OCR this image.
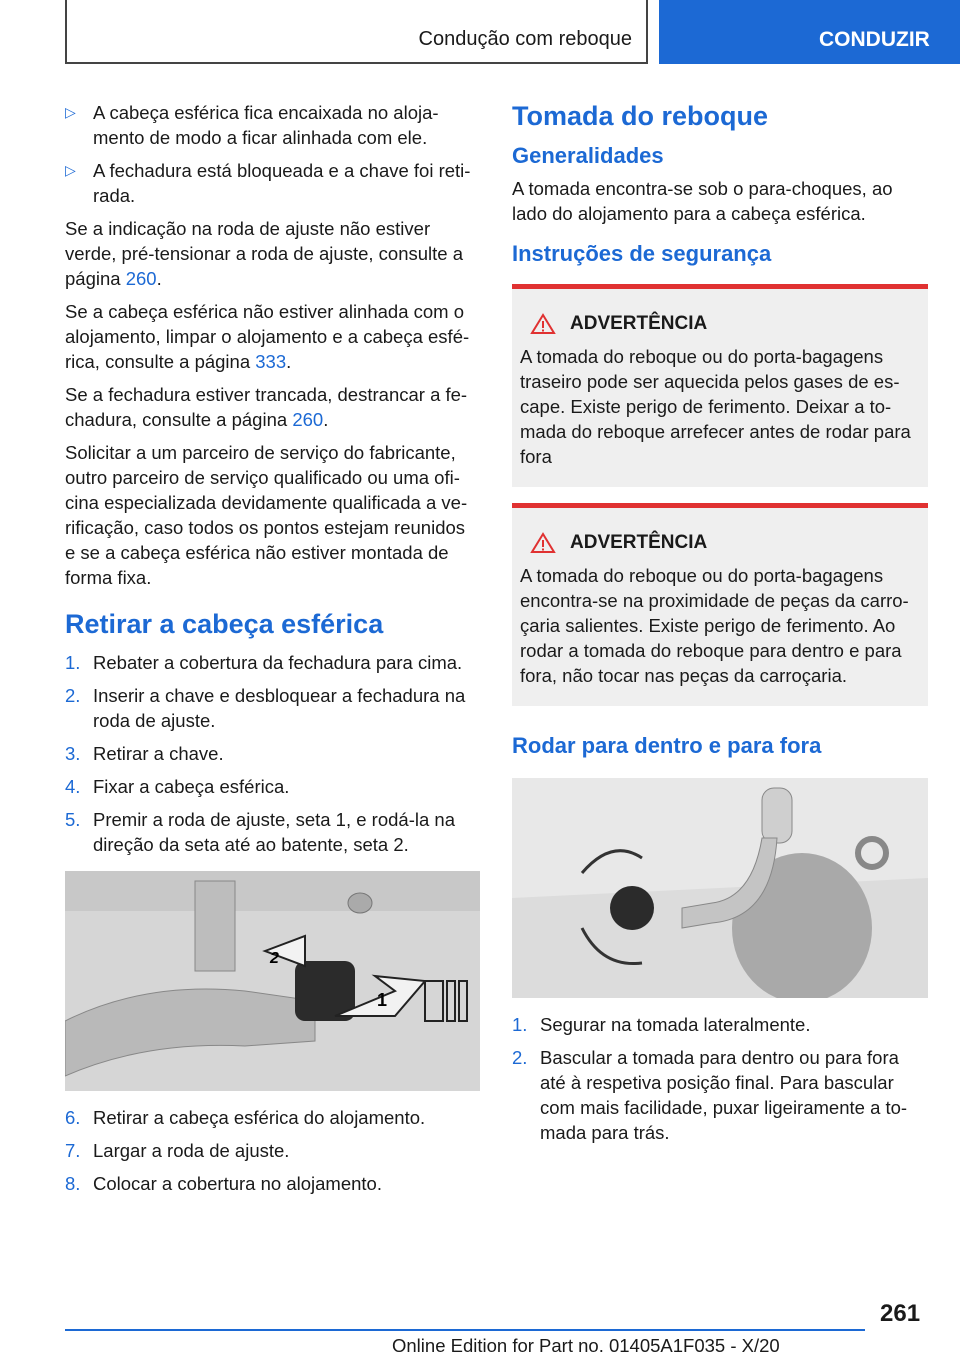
Condução com reboque	CONDUZIR
▷ A cabeça esférica fica encaixada no aloja-mento de modo a ficar alinhada com ele.
▷ A fechadura está bloqueada e a chave foi reti-rada.

Se a indicação na roda de ajuste não estiver verde, pré-tensionar a roda de ajuste, consulte a página 260.

Se a cabeça esférica não estiver alinhada com o alojamento, limpar o alojamento e a cabeça esfé-rica, consulte a página 333.

Se a fechadura estiver trancada, destrancar a fe-chadura, consulte a página 260.

Solicitar a um parceiro de serviço do fabricante, outro parceiro de serviço qualificado ou uma ofi-cina especializada devidamente qualificada a ve-rificação, caso todos os pontos estejam reunidos e se a cabeça esférica não estiver montada de forma fixa.

Retirar a cabeça esférica
1. Rebater a cobertura da fechadura para cima.
2. Inserir a chave e desbloquear a fechadura na roda de ajuste.
3. Retirar a chave.
4. Fixar a cabeça esférica.
5. Premir a roda de ajuste, seta 1, e rodá-la na direção da seta até ao batente, seta 2.
2
1
6. Retirar a cabeça esférica do alojamento.
7. Largar a roda de ajuste.
8. Colocar a cobertura no alojamento.
Tomada do reboque
Generalidades

A tomada encontra-se sob o para-choques, ao lado do alojamento para a cabeça esférica.

Instruções de segurança
ADVERTÊNCIA
A tomada do reboque ou do porta-bagagens traseiro pode ser aquecida pelos gases de es-cape. Existe perigo de ferimento. Deixar a to-mada do reboque arrefecer antes de rodar para fora
ADVERTÊNCIA
A tomada do reboque ou do porta-bagagens encontra-se na proximidade de peças da carro-çaria salientes. Existe perigo de ferimento. Ao rodar a tomada do reboque para dentro e para fora, não tocar nas peças da carroçaria.
Rodar para dentro e para fora
1. Segurar na tomada lateralmente.
2. Bascular a tomada para dentro ou para fora até à respetiva posição final. Para bascular com mais facilidade, puxar ligeiramente a to-mada para trás.
261
Online Edition for Part no. 01405A1F035 - X/20
